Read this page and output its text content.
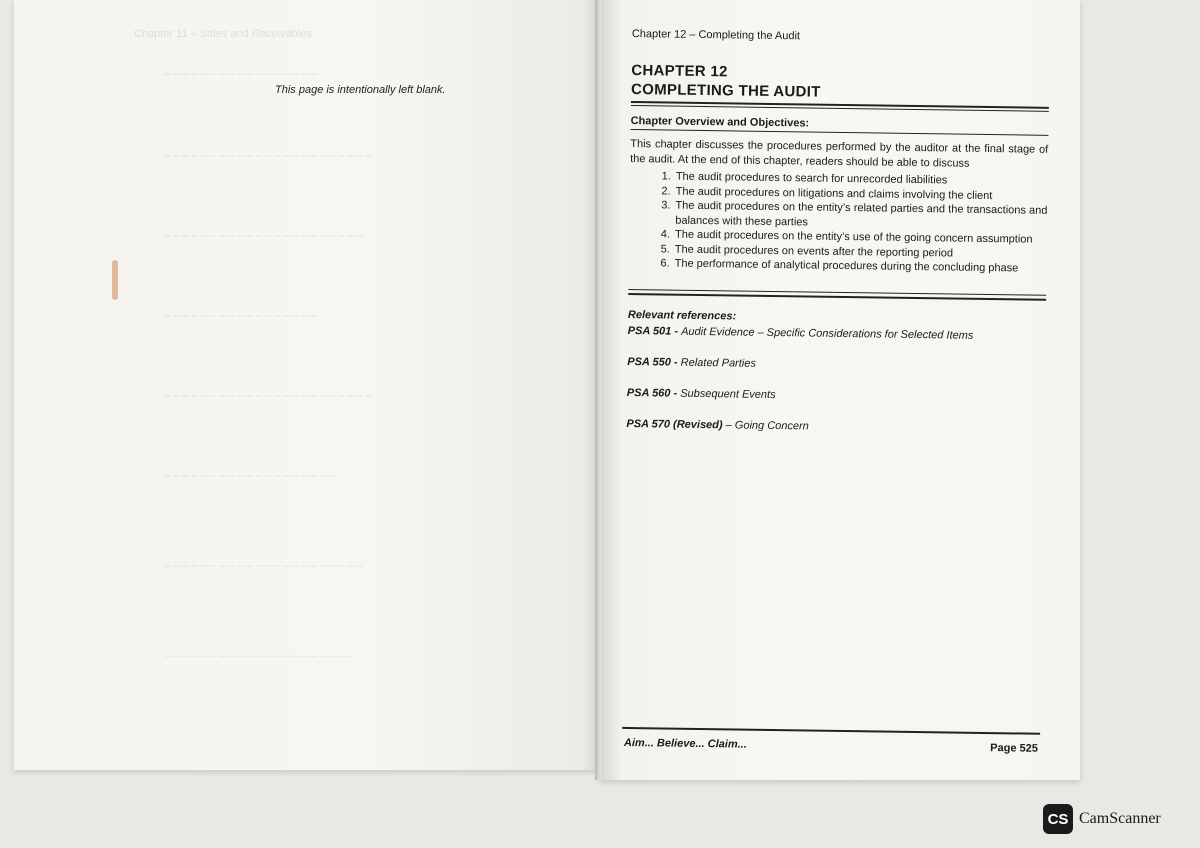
Chapter 11 – Sales and Receivables
– – – – – – – – – – – – – – – – –
– – – – – – – – – – – – – – – – – – – – – – –
– – – – – – – – – – – – – – – – – – – – – –
– – – – – – – – – – – – – – – – –
– – – – – – – – – – – – – – – – – – – – – – –
– – – – – – – – – – – – – – – – – – –
– – – – – – – – – – – – – – – – – – – – – –
– – – – – – – – – – – – – – – – – – – – –
This page is intentionally left blank.
Chapter 12 – Completing the Audit
CHAPTER 12
COMPLETING THE AUDIT
Chapter Overview and Objectives:
This chapter discusses the procedures performed by the auditor at the final stage of the audit. At the end of this chapter, readers should be able to discuss
1. The audit procedures to search for unrecorded liabilities
2. The audit procedures on litigations and claims involving the client
3. The audit procedures on the entity’s related parties and the transactions and balances with these parties
4. The audit procedures on the entity’s use of the going concern assumption
5. The audit procedures on events after the reporting period
6. The performance of analytical procedures during the concluding phase
Relevant references:
PSA 501 - Audit Evidence – Specific Considerations for Selected Items
PSA 550 - Related Parties
PSA 560 - Subsequent Events
PSA 570 (Revised) – Going Concern
Aim... Believe... Claim...	Page 525
CS CamScanner
